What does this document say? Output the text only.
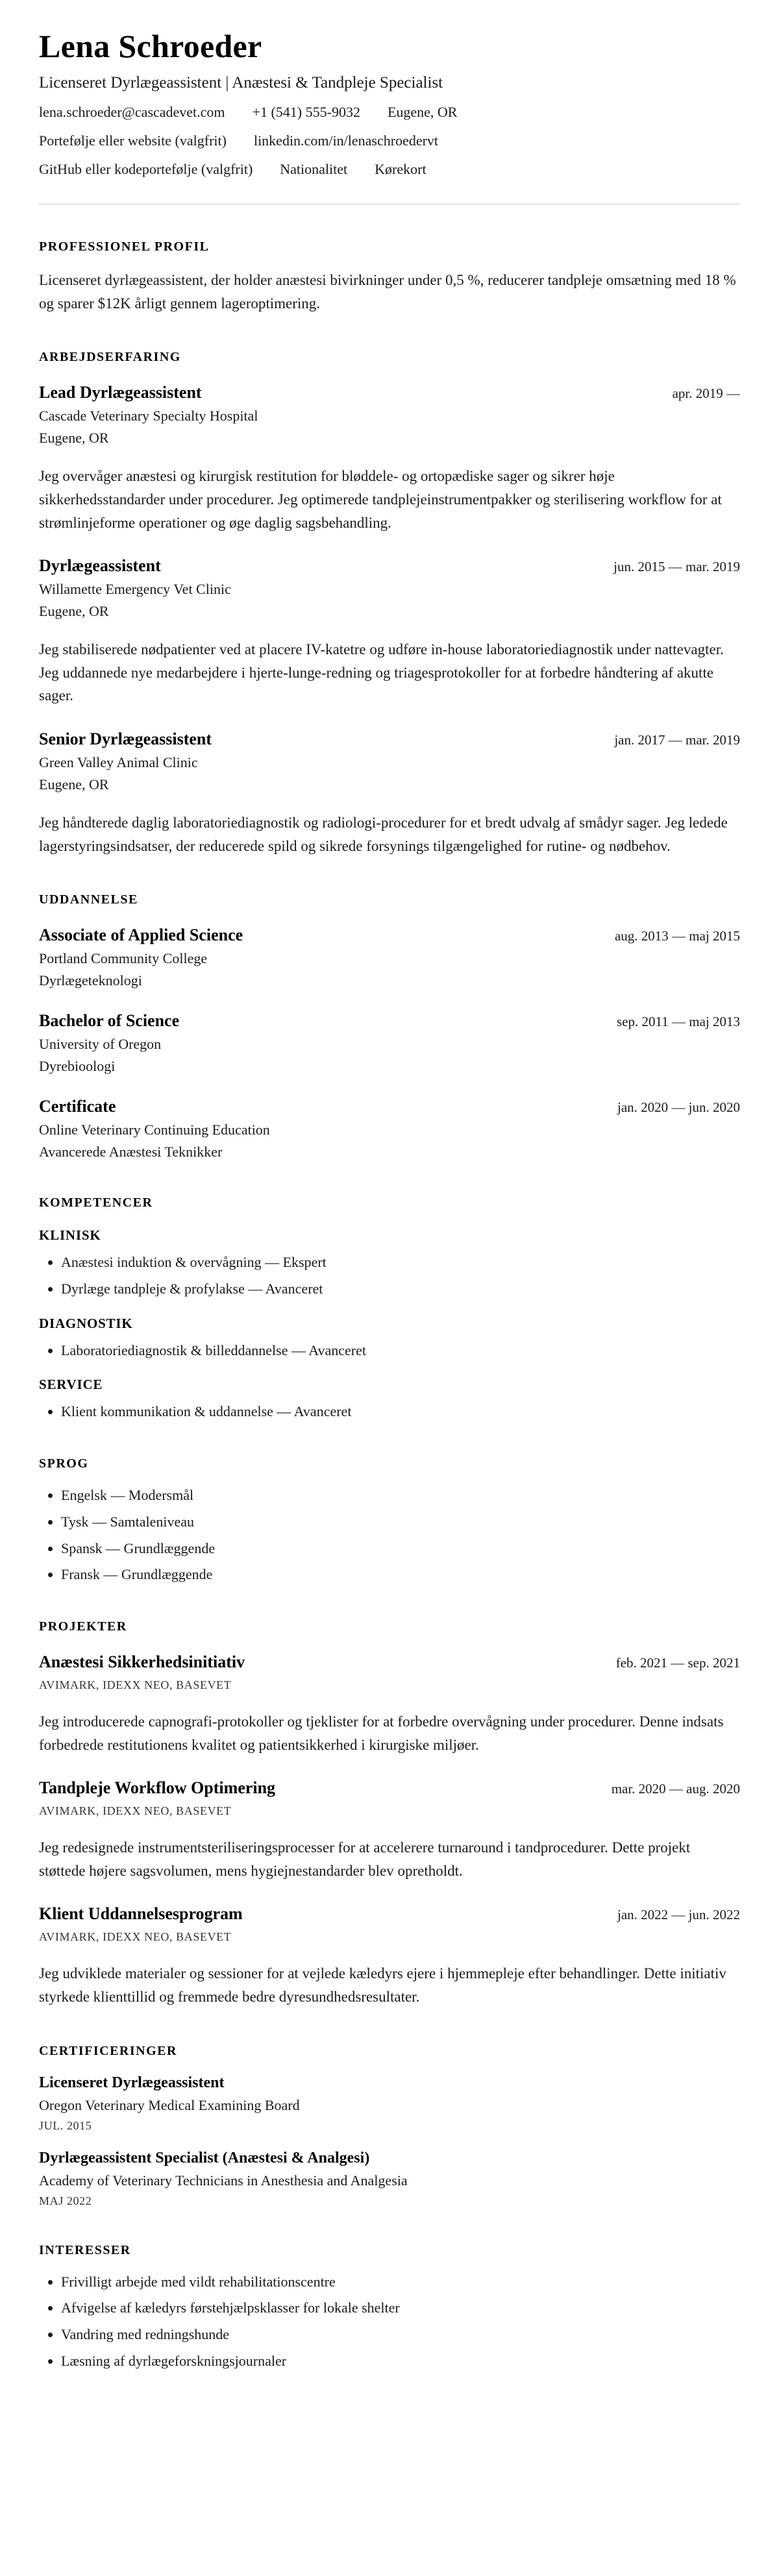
Lena Schroeder
Licenseret Dyrlægeassistent | Anæstesi & Tandpleje Specialist
lena.schroeder@cascadevet.com +1 (541) 555-9032 Eugene, OR
Portefølje eller website (valgfrit) linkedin.com/in/lenaschroedervt
GitHub eller kodeportefølje (valgfrit) Nationalitet Kørekort
PROFESSIONEL PROFIL

Licenseret dyrlægeassistent, der holder anæstesi bivirkninger under 0,5 %, reducerer tandpleje omsætning med 18 % og sparer $12K årligt gennem lageroptimering.

ARBEJDSERFARING
Lead Dyrlægeassistent	apr. 2019 —
Cascade Veterinary Specialty Hospital
Eugene, OR

Jeg overvåger anæstesi og kirurgisk restitution for bløddele- og ortopædiske sager og sikrer høje sikkerhedsstandarder under procedurer. Jeg optimerede tandplejeinstrumentpakker og sterilisering workflow for at strømlinjeforme operationer og øge daglig sagsbehandling.

Dyrlægeassistent	jun. 2015 — mar. 2019
Willamette Emergency Vet Clinic
Eugene, OR

Jeg stabiliserede nødpatienter ved at placere IV-katetre og udføre in-house laboratoriediagnostik under nattevagter. Jeg uddannede nye medarbejdere i hjerte-lunge-redning og triagesprotokoller for at forbedre håndtering af akutte sager.

Senior Dyrlægeassistent	jan. 2017 — mar. 2019
Green Valley Animal Clinic
Eugene, OR

Jeg håndterede daglig laboratoriediagnostik og radiologi-procedurer for et bredt udvalg af smådyr sager. Jeg ledede lagerstyringsindsatser, der reducerede spild og sikrede forsynings tilgængelighed for rutine- og nødbehov.

UDDANNELSE
Associate of Applied Science	aug. 2013 — maj 2015
Portland Community College
Dyrlægeteknologi
Bachelor of Science	sep. 2011 — maj 2013
University of Oregon
Dyrebioologi
Certificate	jan. 2020 — jun. 2020
Online Veterinary Continuing Education
Avancerede Anæstesi Teknikker
KOMPETENCER
KLINISK
• Anæstesi induktion & overvågning — Ekspert
• Dyrlæge tandpleje & profylakse — Avanceret
DIAGNOSTIK
• Laboratoriediagnostik & billeddannelse — Avanceret
SERVICE
• Klient kommunikation & uddannelse — Avanceret
SPROG
• Engelsk — Modersmål
• Tysk — Samtaleniveau
• Spansk — Grundlæggende
• Fransk — Grundlæggende
PROJEKTER
Anæstesi Sikkerhedsinitiativ	feb. 2021 — sep. 2021
AVIMARK, IDEXX NEO, BASEVET

Jeg introducerede capnografi-protokoller og tjeklister for at forbedre overvågning under procedurer. Denne indsats forbedrede restitutionens kvalitet og patientsikkerhed i kirurgiske miljøer.

Tandpleje Workflow Optimering	mar. 2020 — aug. 2020
AVIMARK, IDEXX NEO, BASEVET

Jeg redesignede instrumentsteriliseringsprocesser for at accelerere turnaround i tandprocedurer. Dette projekt støttede højere sagsvolumen, mens hygiejnestandarder blev opretholdt.

Klient Uddannelsesprogram	jan. 2022 — jun. 2022
AVIMARK, IDEXX NEO, BASEVET

Jeg udviklede materialer og sessioner for at vejlede kæledyrs ejere i hjemmepleje efter behandlinger. Dette initiativ styrkede klienttillid og fremmede bedre dyresundhedsresultater.

CERTIFICERINGER
Licenseret Dyrlægeassistent
Oregon Veterinary Medical Examining Board
JUL. 2015
Dyrlægeassistent Specialist (Anæstesi & Analgesi)
Academy of Veterinary Technicians in Anesthesia and Analgesia
MAJ 2022
INTERESSER
• Frivilligt arbejde med vildt rehabilitationscentre
• Afvigelse af kæledyrs førstehjælpsklasser for lokale shelter
• Vandring med redningshunde
• Læsning af dyrlægeforskningsjournaler
